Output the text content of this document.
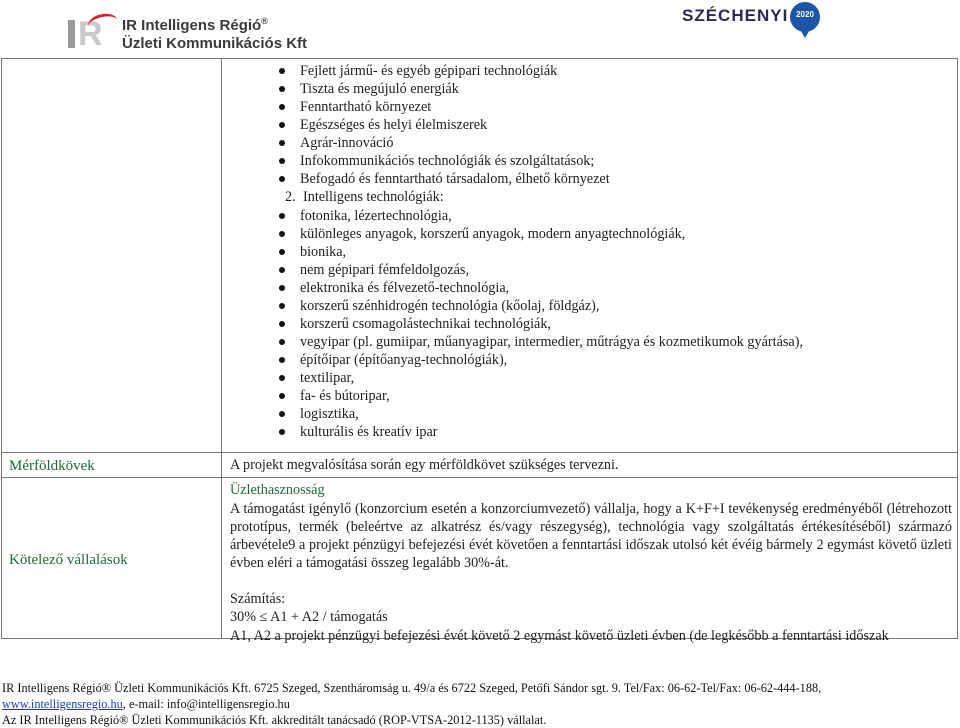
R IR Intelligens Régió®
Üzleti Kommunikációs Kft
SZÉCHENYI 2020
Fejlett jármű- és egyéb gépipari technológiák
Tiszta és megújuló energiák
Fenntartható környezet
Egészséges és helyi élelmiszerek
Agrár-innováció
Infokommunikációs technológiák és szolgáltatások;
Befogadó és fenntartható társadalom, élhető környezet
2. Intelligens technológiák:
fotonika, lézertechnológia,
különleges anyagok, korszerű anyagok, modern anyagtechnológiák,
bionika,
nem gépipari fémfeldolgozás,
elektronika és félvezető-technológia,
korszerű szénhidrogén technológia (kőolaj, földgáz),
korszerű csomagolástechnikai technológiák,
vegyipar (pl. gumiipar, műanyagipar, intermedier, műtrágya és kozmetikumok gyártása),
építőipar (építőanyag-technológiák),
textilipar,
fa- és bútoripar,
logisztika,
kulturális és kreatív ipar
Mérföldkövek	A projekt megvalósítása során egy mérföldkövet szükséges tervezni.
Kötelező vállalások
Üzlethasznosság
A támogatást igénylő (konzorcium esetén a konzorciumvezető) vállalja, hogy a K+F+I tevékenység eredményéből (létrehozott prototípus, termék (beleértve az alkatrész és/vagy részegység), technológia vagy szolgáltatás értékesítéséből) származó árbevétele9 a projekt pénzügyi befejezési évét követően a fenntartási időszak utolsó két évéig bármely 2 egymást követő üzleti évben eléri a támogatási összeg legalább 30%-át.
Számítás:
30% ≤ A1 + A2 / támogatás
A1, A2 a projekt pénzügyi befejezési évét követő 2 egymást követő üzleti évben (de legkésőbb a fenntartási időszak
IR Intelligens Régió® Üzleti Kommunikációs Kft. 6725 Szeged, Szentháromság u. 49/a és 6722 Szeged, Petőfi Sándor sgt. 9. Tel/Fax: 06-62-Tel/Fax: 06-62-444-188,
www.intelligensregio.hu, e-mail: info@intelligensregio.hu
Az IR Intelligens Régió® Üzleti Kommunikációs Kft. akkreditált tanácsadó (ROP-VTSA-2012-1135) vállalat.
